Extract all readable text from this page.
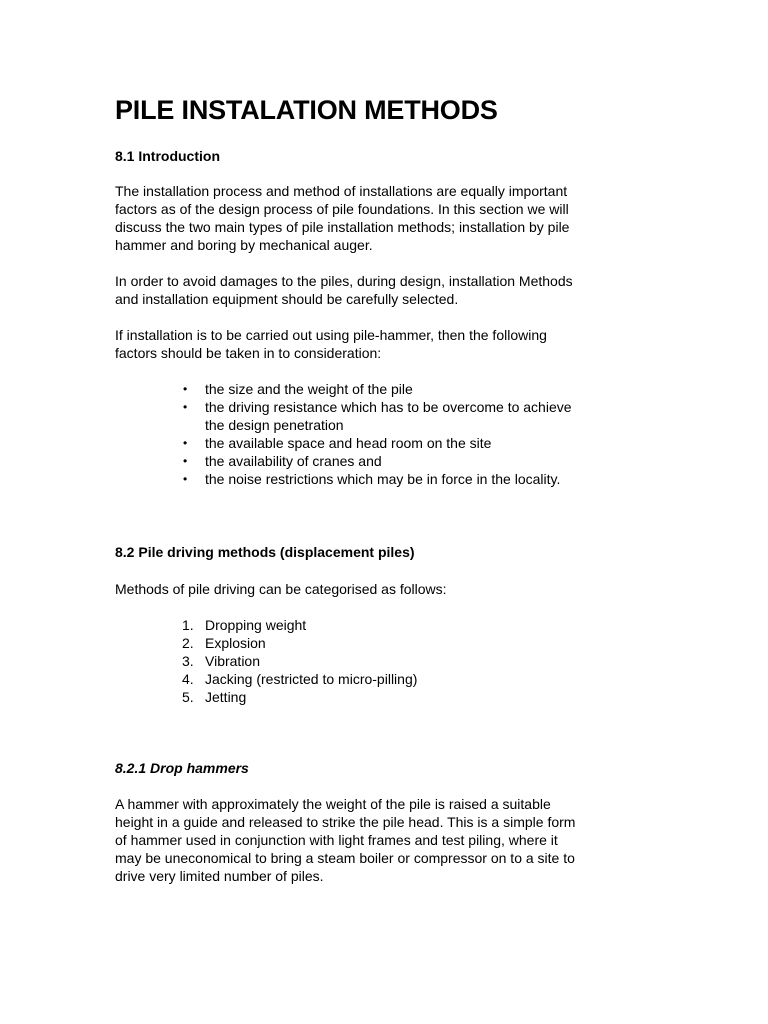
PILE INSTALATION METHODS
8.1 Introduction
The installation process and method of installations are equally important
factors as of the design process of pile foundations. In this section we will
discuss the two main types of pile installation methods; installation by pile
hammer and boring by mechanical auger.
In order to avoid damages to the piles, during design, installation Methods
and installation equipment should be carefully selected.
If installation is to be carried out using pile-hammer, then the following
factors should be taken in to consideration:
• the size and the weight of the pile
• the driving resistance which has to be overcome to achieve
the design penetration
• the available space and head room on the site
• the availability of cranes and
• the noise restrictions which may be in force in the locality.
8.2 Pile driving methods (displacement piles)

Methods of pile driving can be categorised as follows:

1. Dropping weight
2. Explosion
3. Vibration
4. Jacking (restricted to micro-pilling)
5. Jetting
8.2.1 Drop hammers
A hammer with approximately the weight of the pile is raised a suitable
height in a guide and released to strike the pile head. This is a simple form
of hammer used in conjunction with light frames and test piling, where it
may be uneconomical to bring a steam boiler or compressor on to a site to
drive very limited number of piles.
